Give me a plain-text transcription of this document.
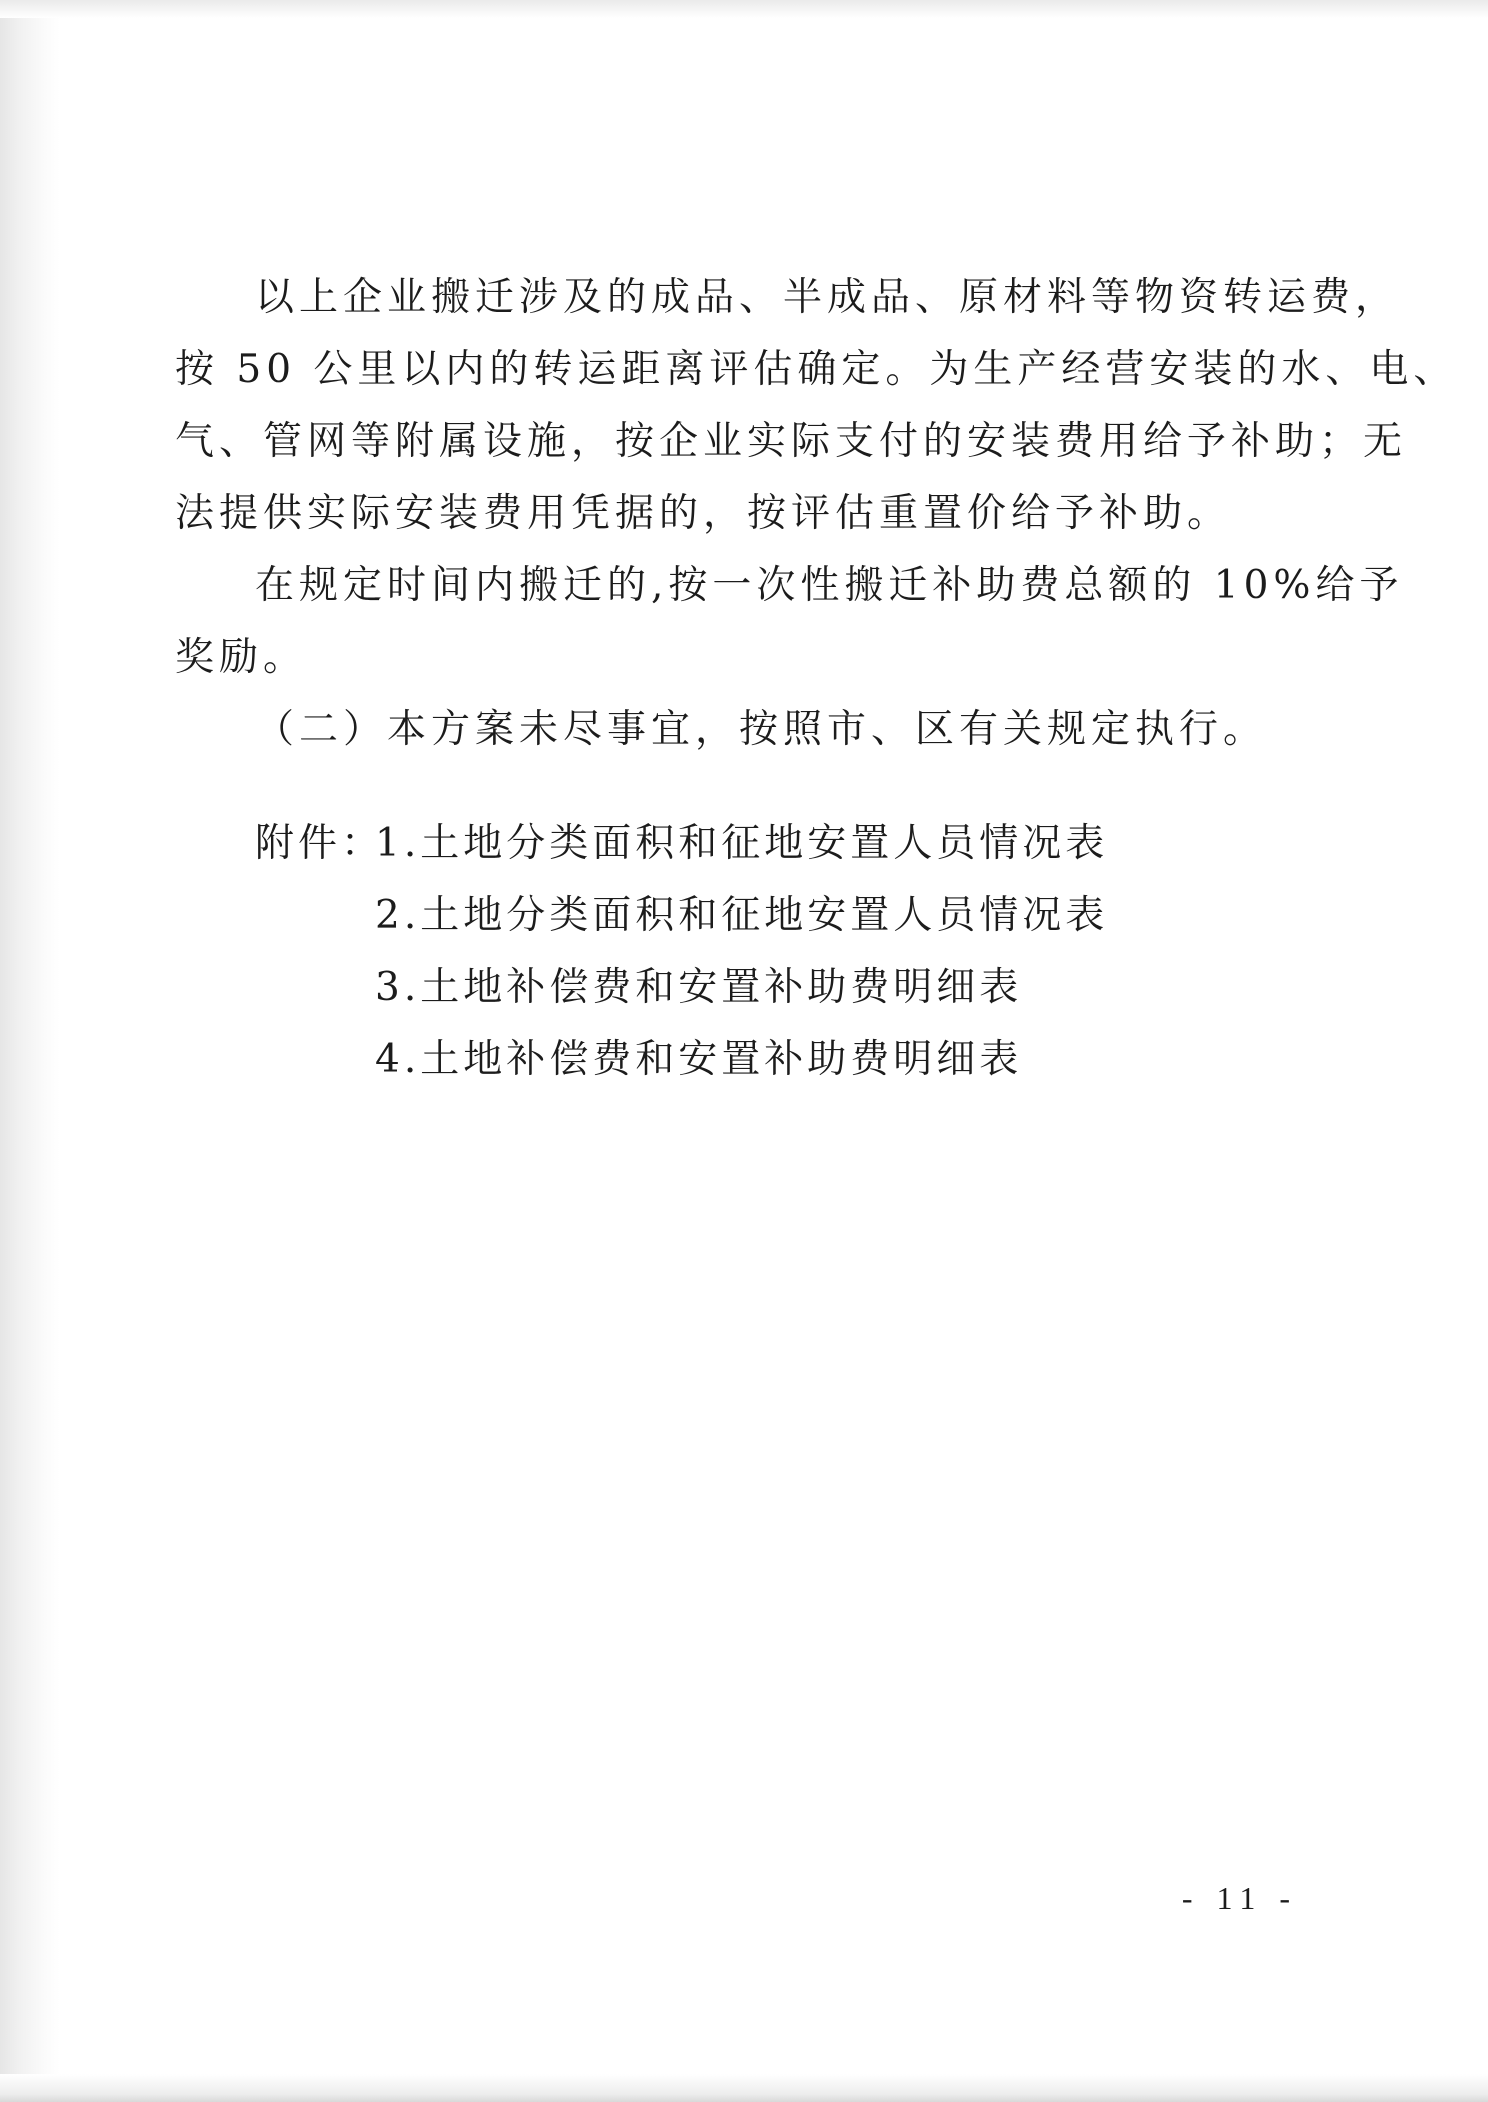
以上企业搬迁涉及的成品、半成品、原材料等物资转运费，
按 50 公里以内的转运距离评估确定。为生产经营安装的水、电、
气、管网等附属设施，按企业实际支付的安装费用给予补助；无
法提供实际安装费用凭据的，按评估重置价给予补助。
在规定时间内搬迁的,按一次性搬迁补助费总额的 10%给予
奖励。
（二）本方案未尽事宜，按照市、区有关规定执行。
附件：
1.土地分类面积和征地安置人员情况表
2.土地分类面积和征地安置人员情况表
3.土地补偿费和安置补助费明细表
4.土地补偿费和安置补助费明细表
- 11 -
